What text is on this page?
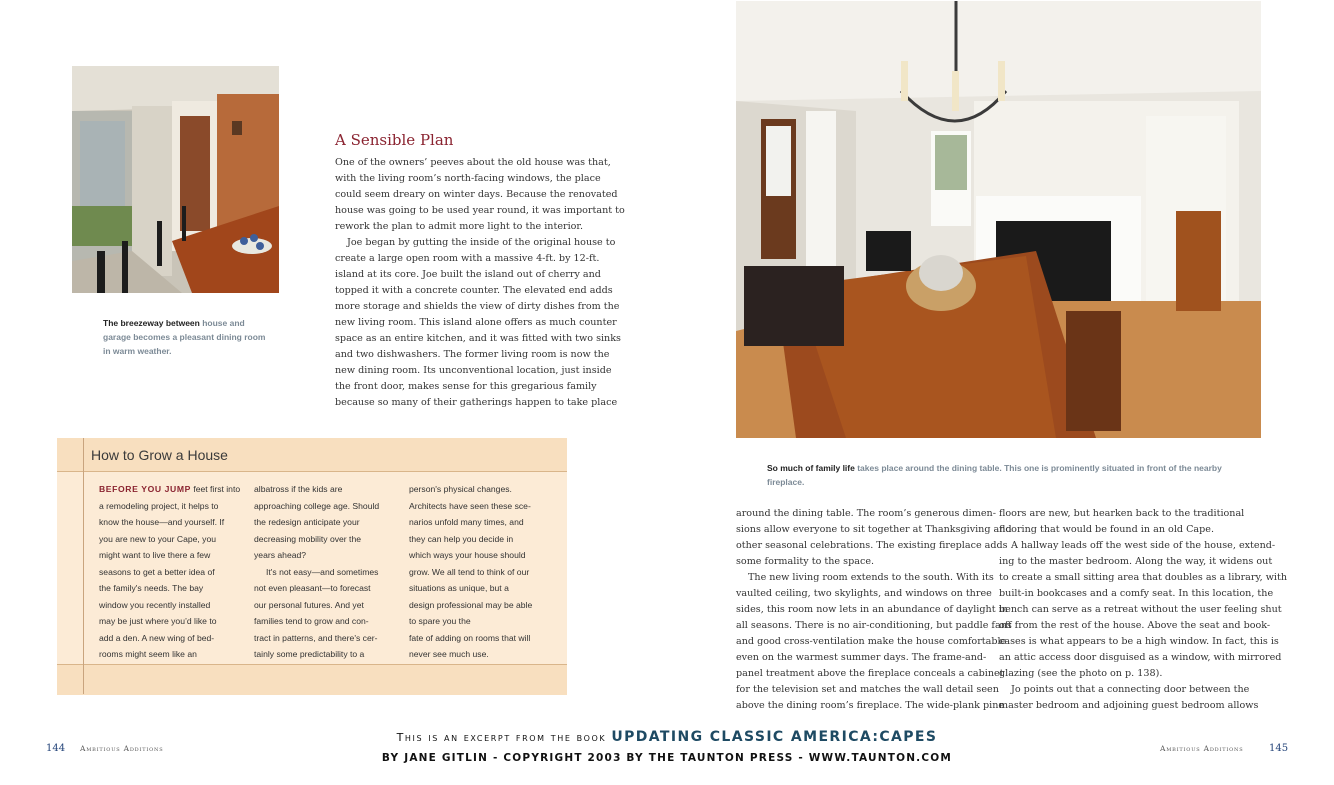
The breezeway between house and
garage becomes a pleasant dining room
in warm weather.
A Sensible Plan
One of the owners’ peeves about the old house was that,
with the living room’s north-facing windows, the place
could seem dreary on winter days. Because the renovated
house was going to be used year round, it was important to
rework the plan to admit more light to the interior.
Joe began by gutting the inside of the original house to
create a large open room with a massive 4-ft. by 12-ft.
island at its core. Joe built the island out of cherry and
topped it with a concrete counter. The elevated end adds
more storage and shields the view of dirty dishes from the
new living room. This island alone offers as much counter
space as an entire kitchen, and it was fitted with two sinks
and two dishwashers. The former living room is now the
new dining room. Its unconventional location, just inside
the front door, makes sense for this gregarious family
because so many of their gatherings happen to take place
How to Grow a House
BEFORE YOU JUMP feet first into
a remodeling project, it helps to
know the house—and yourself. If
you are new to your Cape, you
might want to live there a few
seasons to get a better idea of
the family's needs. The bay
window you recently installed
may be just where you’d like to
add a den. A new wing of bed-
rooms might seem like an
albatross if the kids are
approaching college age. Should
the redesign anticipate your
decreasing mobility over the
years ahead?
It's not easy—and sometimes
not even pleasant—to forecast
our personal futures. And yet
families tend to grow and con-
tract in patterns, and there's cer-
tainly some predictability to a
person's physical changes.
Architects have seen these sce-
narios unfold many times, and
they can help you decide in
which ways your house should
grow. We all tend to think of our
situations as unique, but a
design professional may be able
to spare you the
fate of adding on rooms that will
never see much use.
So much of family life takes place around the dining table. This one is prominently situated in front of the nearby
fireplace.
around the dining table. The room’s generous dimen-
sions allow everyone to sit together at Thanksgiving and
other seasonal celebrations. The existing fireplace adds
some formality to the space.
The new living room extends to the south. With its
vaulted ceiling, two skylights, and windows on three
sides, this room now lets in an abundance of daylight in
all seasons. There is no air-conditioning, but paddle fans
and good cross-ventilation make the house comfortable
even on the warmest summer days. The frame-and-
panel treatment above the fireplace conceals a cabinet
for the television set and matches the wall detail seen
above the dining room’s fireplace. The wide-plank pine
floors are new, but hearken back to the traditional
flooring that would be found in an old Cape.
A hallway leads off the west side of the house, extend-
ing to the master bedroom. Along the way, it widens out
to create a small sitting area that doubles as a library, with
built-in bookcases and a comfy seat. In this location, the
bench can serve as a retreat without the user feeling shut
off from the rest of the house. Above the seat and book-
cases is what appears to be a high window. In fact, this is
an attic access door disguised as a window, with mirrored
glazing (see the photo on p. 138).
Jo points out that a connecting door between the
master bedroom and adjoining guest bedroom allows
144 Ambitious Additions	Ambitious Additions	145
This is an excerpt from the book UPDATING CLASSIC AMERICA:CAPES
BY JANE GITLIN - COPYRIGHT 2003 BY THE TAUNTON PRESS - WWW.TAUNTON.COM
